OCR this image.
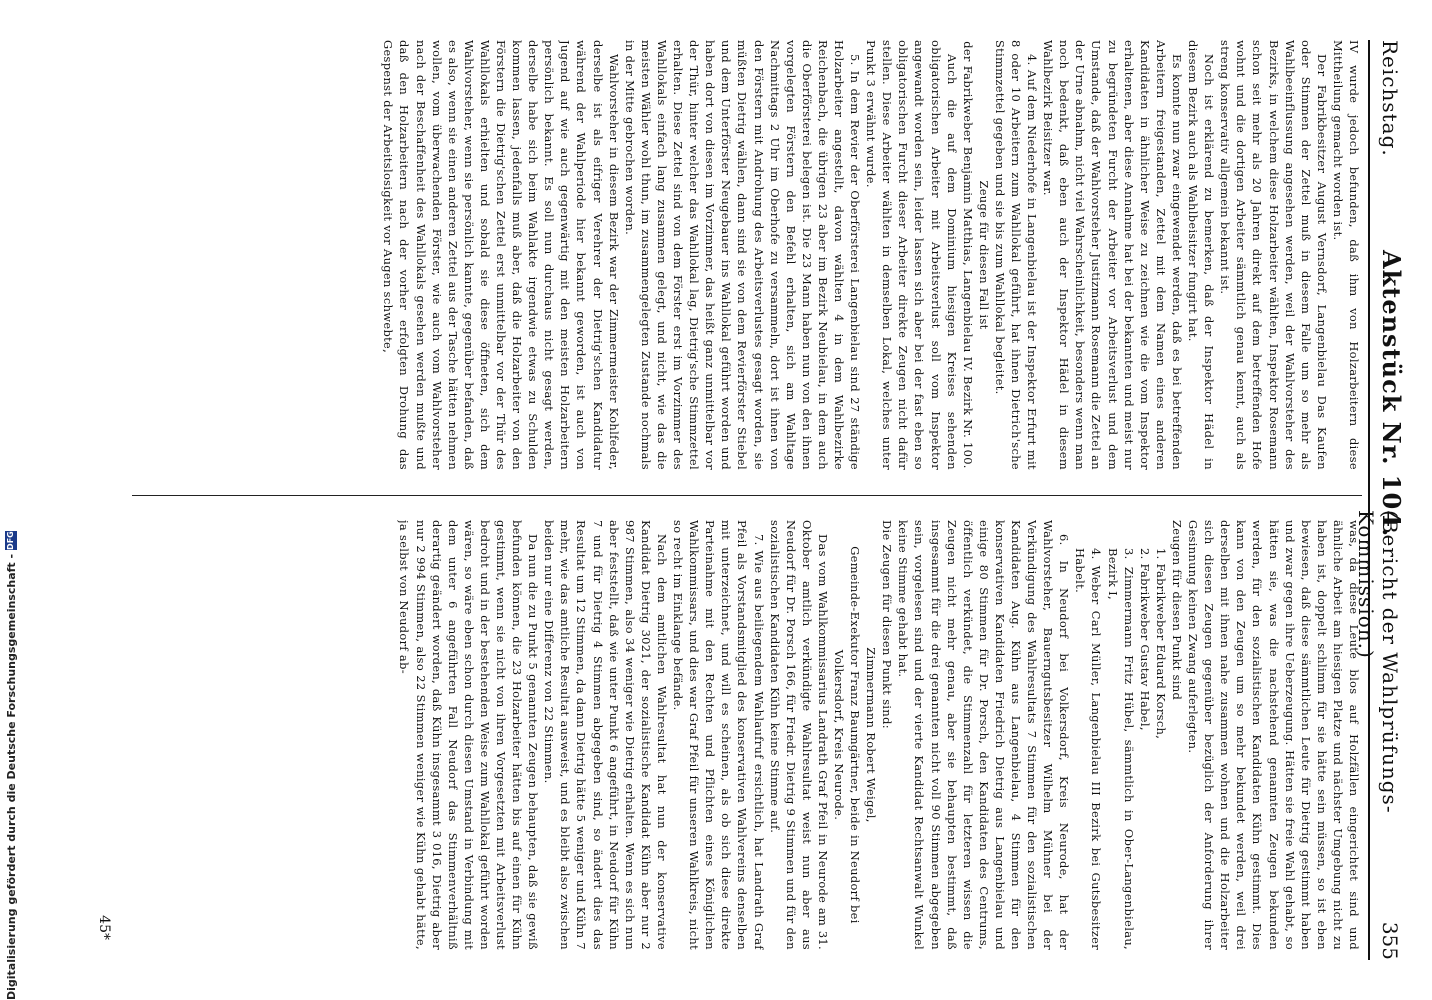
Digitalisierung gefördert durch die Deutsche Forschungsgemeinschaft -
DFG
Reichstag.
Aktenstück Nr. 104.
(Bericht der Wahlprüfungs-Kommission.)
355

IV wurde jedoch befunden, daß ihm von Holzarbeitern diese Mittheilung gemacht worden ist.

Der Fabrikbesitzer August Vernsdorf, Langenbielau Das Kaufen oder Stimmen der Zettel muß in diesem Falle um so mehr als Wahlbeeinflussung angesehen werden, weil der Wahlvorsteher des Bezirks, in welchem diese Holzarbeiter wählten, Inspektor Rosemann schon seit mehr als 20 Jahren direkt auf dem betreffenden Hofe wohnt und die dortigen Arbeiter sämmtlich genau kennt, auch als streng konservativ allgemein bekannt ist.

Noch ist erklärend zu bemerken, daß der Inspektor Hädel in diesem Bezirk auch als Wahlbeisitzer fungirt hat.

Es konnte nun zwar eingewendet werden, daß es bei betreffenden Arbeitern freigestanden, Zettel mit dem Namen eines anderen Kandidaten in ähnlicher Weise zu zeichnen wie die vom Inspektor erhaltenen, aber diese Annahme hat bei der bekannten und meist nur zu begründeten Furcht der Arbeiter vor Arbeitsverlust und dem Umstande, daß der Wahlvorsteher Justizmann Rosemann die Zettel an der Urne abnahm, nicht viel Wahrscheinlichkeit, besonders wenn man noch bedenkt, daß eben auch der Inspektor Hädel in diesem Wahlbezirk Beisitzer war.

4. Auf dem Niederhofe in Langenbielau ist der Inspektor Erfurt mit 8 oder 10 Arbeitern zum Wahllokal geführt, hat ihnen Dietrich'sche Stimmzettel gegeben und sie bis zum Wahllokal begleitet.

Zeuge für diesen Fall ist

der Fabrikweber Benjamin Matthias, Langenbielau IV. Bezirk Nr. 100.

Auch die auf dem Dominium hiesigen Kreises sehenden obligatorischen Arbeiter mit Arbeitsverlust soll vom Inspektor angewandt worden sein, leider lassen sich aber bei der fast eben so obligatorischen Furcht dieser Arbeiter direkte Zeugen nicht dafür stellen. Diese Arbeiter wählten in demselben Lokal, welches unter Punkt 3 erwähnt wurde.

5. In dem Revier der Oberförsterei Langenbielau sind 27 ständige Holzarbeiter angestellt, davon wählten 4 in dem Wahlbezirke Reichenbach, die übrigen 23 aber im Bezirk Neubielau, in dem auch die Oberförsterei belegen ist. Die 23 Mann haben nun von den ihnen vorgelegten Förstern den Befehl erhalten, sich am Wahltage Nachmittags 2 Uhr im Oberhofe zu versammeln, dort ist ihnen von den Förstern mit Androhung des Arbeitsverlustes gesagt worden, sie müßten Dietrig wählen, dann sind sie von dem Revierförster Stiebel und dem Unterförster Neugebauer ins Wahllokal geführt worden und haben dort von diesen im Vorzimmer, das heißt ganz unmittelbar vor der Thür, hinter welcher das Wahllokal lag, Dietrig'sche Stimmzettel erhalten. Diese Zettel sind von dem Förster erst im Vorzimmer des Wahllokals einfach lang zusammen gelegt, und nicht, wie das die meisten Wähler wohl thun, im zusammengelegten Zustande nochmals in der Mitte gebrochen worden.

Wahlvorsteher in diesem Bezirk war der Zimmermeister Kohlfeder, derselbe ist als eifriger Verehrer der Dietrig'schen Kandidatur während der Wahlperiode hier bekannt geworden, ist auch von Jugend auf wie auch gegenwärtig mit den meisten Holzarbeitern persönlich bekannt. Es soll nun durchaus nicht gesagt werden, derselbe habe sich beim Wahlakte irgendwie etwas zu Schulden kommen lassen, jedenfalls muß aber, daß die Holzarbeiter von den Förstern die Dietrig'schen Zettel erst unmittelbar vor der Thür des Wahllokals erhielten und sobald sie diese öffneten, sich dem Wahlvorsteher, wenn sie persönlich kannte, gegenüber befanden, daß es also, wenn sie einen anderen Zettel aus der Tasche hätten nehmen wollen, vom überwachenden Förster, wie auch vom Wahlvorsteher nach der Beschaffenheit des Wahllokals gesehen werden mußte und daß den Holzarbeitern nach der vorher erfolgten Drohung das Gespenst der Arbeitslosigkeit vor Augen schwebte,

was, da diese Leute blos auf Holzfällen eingerichtet sind und ähnliche Arbeit am hiesigen Platze und nächster Umgebung nicht zu haben ist, doppelt schlimm für sie hätte sein müssen, so ist eben bewiesen, daß diese sämmtlichen Leute für Dietrig gestimmt haben und zwar gegen ihre Ueberzeugung. Hätten sie freie Wahl gehabt, so hätten sie, was die nachstehend genannten Zeugen bekunden werden, für den sozialistischen Kandidaten Kühn gestimmt. Dies kann von den Zeugen um so mehr bekundet werden, weil drei derselben mit ihnen nahe zusammen wohnen und die Holzarbeiter sich diesen Zeugen gegenüber bezüglich der Anforderung ihrer Gesinnung keinen Zwang auferlegten.

Zeugen für diesen Punkt sind

1. Fabrikweber Eduard Korsch,

2. Fabrikweber Gustav Habel,

3. Zimmermann Fritz Hübel, sämmtlich in Ober-Langenbielau, Bezirk I,

4. Weber Carl Müller, Langenbielau III Bezirk bei Gutsbesitzer Habelt.

6. In Neudorf bei Volkersdorf, Kreis Neurode, hat der Wahlvorsteher, Bauerngutsbesitzer Wilhelm Mühner bei der Verkündigung des Wahlresultats 7 Stimmen für den sozialistischen Kandidaten Aug. Kühn aus Langenbielau, 4 Stimmen für den konservativen Kandidaten Friedrich Dietrig aus Langenbielau und einige 80 Stimmen für Dr. Porsch, den Kandidaten des Centrums, öffentlich verkündet, die Stimmenzahl für letzteren wissen die Zeugen nicht mehr genau, aber sie behaupten bestimmt, daß insgesammt für die drei genannten nicht voll 90 Stimmen abgegeben sein, vorgelesen sind und der vierte Kandidat Rechtsanwalt Wunkel keine Stimme gehabt hat.

Die Zeugen für diesen Punkt sind:

Zimmermann Robert Weigel,

Gemeinde-Exekutor Franz Baumgärtner, beide in Neudorf bei Volkersdorf, Kreis Neurode.

Das vom Wahlkommissarius Landrath Graf Pfeil in Neurode am 31. Oktober amtlich verkündigte Wahlresultat weist nun aber aus Neudorf für Dr. Porsch 166, für Friedr. Dietrig 9 Stimmen und für den sozialistischen Kandidaten Kühn keine Stimme auf.

7. Wie aus beiliegendem Wahlaufruf ersichtlich, hat Landrath Graf Pfeil als Vorstandsmitglied des konservativen Wahlvereins denselben mit unterzeichnet, und will es scheinen, als ob sich diese direkte Parteinahme mit den Rechten und Pflichten eines Königlichen Wahlkommissars, und dies war Graf Pfeil für unseren Wahlkreis, nicht so recht im Einklange befände.

Nach dem amtlichen Wahlresultat hat nun der konservative Kandidat Dietrig 3021, der sozialistische Kandidat Kühn aber nur 2 987 Stimmen, also 34 weniger wie Dietrig erhalten. Wenn es sich nun aber feststellt, daß wie unter Punkt 6 angeführt, in Neudorf für Kühn 7 und für Dietrig 4 Stimmen abgegeben sind, so ändert dies das Resultat um 12 Stimmen, da dann Dietrig hätte 5 weniger und Kühn 7 mehr, wie das amtliche Resultat ausweist, und es bleibt also zwischen beiden nur eine Differenz von 22 Stimmen.

Da nun die zu Punkt 5 genannten Zeugen behaupten, daß sie gewiß befunden können, die 23 Holzarbeiter hätten bis auf einen für Kühn gestimmt, wenn sie nicht von ihren Vorgesetzten mit Arbeitsverlust bedroht und in der bestehenden Weise zum Wahllokal geführt worden wären, so wäre eben schon durch diesen Umstand in Verbindung mit dem unter 6 angeführten Fall Neudorf das Stimmenverhältniß derartig geändert worden, daß Kühn insgesammt 3 016, Dietrig aber nur 2 994 Stimmen, also 22 Stimmen weniger wie Kühn gehabt hätte, ja selbst von Neudorf ab-

45*
